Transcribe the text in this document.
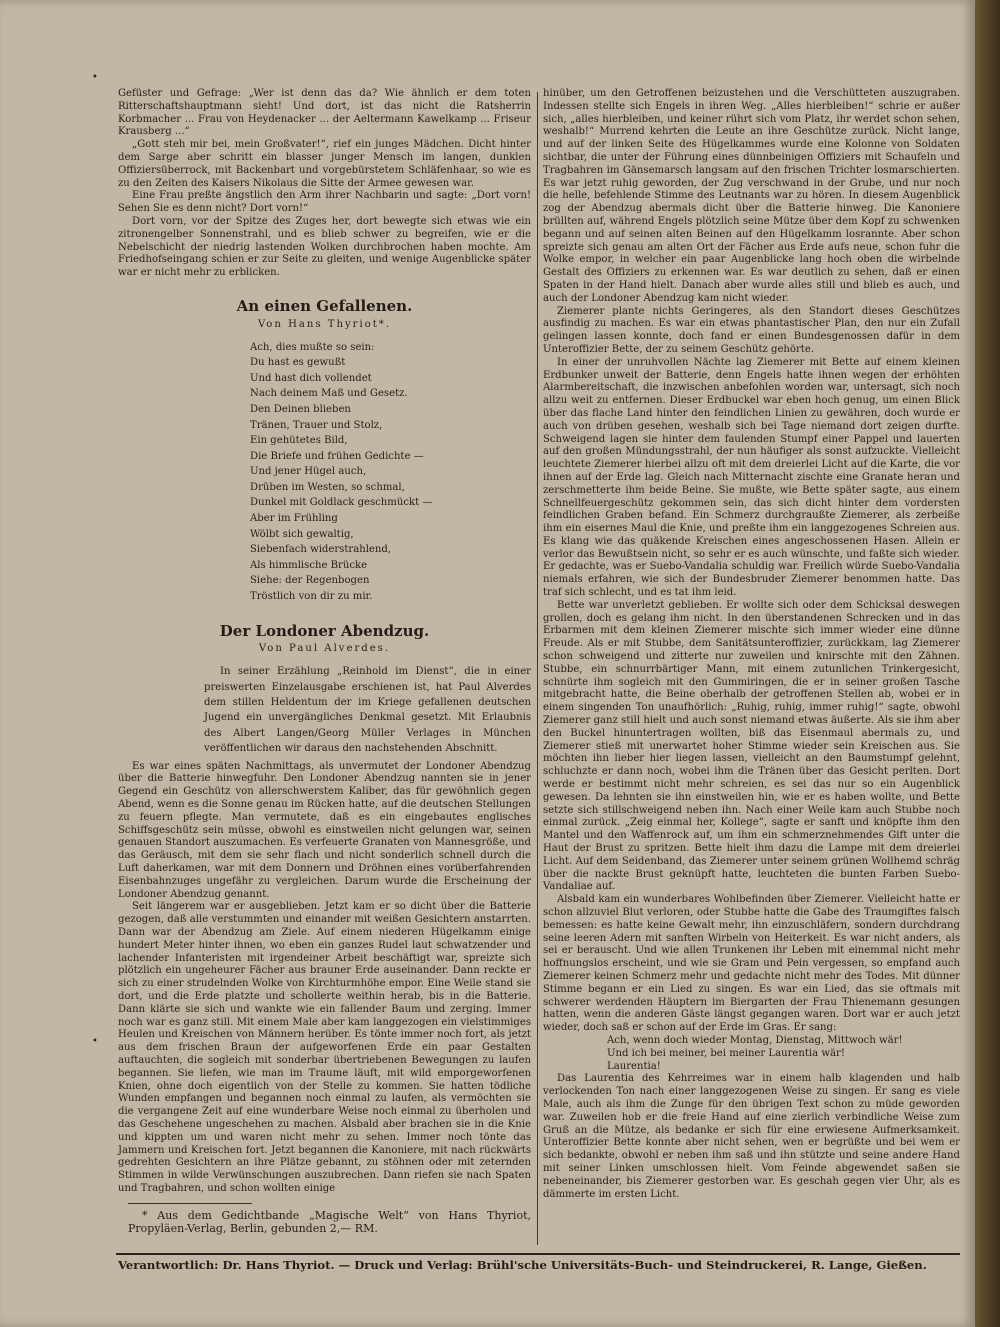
•
•

Gefüster und Gefrage: „Wer ist denn das da? Wie ähnlich er dem toten Ritterschaftshauptmann sieht! Und dort, ist das nicht die Ratsherrin Korbmacher ... Frau von Heydenacker ... der Aeltermann Kawelkamp ... Friseur Krausberg ...“

„Gott steh mir bei, mein Großvater!“, rief ein junges Mädchen. Dicht hinter dem Sarge aber schritt ein blasser junger Mensch im langen, dunklen Offiziersüberrock, mit Backenbart und vorgebürstetem Schläfenhaar, so wie es zu den Zeiten des Kaisers Nikolaus die Sitte der Armee gewesen war.

Eine Frau preßte ängstlich den Arm ihrer Nachbarin und sagte: „Dort vorn! Sehen Sie es denn nicht? Dort vorn!“

Dort vorn, vor der Spitze des Zuges her, dort bewegte sich etwas wie ein zitronengelber Sonnenstrahl, und es blieb schwer zu begreifen, wie er die Nebelschicht der niedrig lastenden Wolken durchbrochen haben mochte. Am Friedhofseingang schien er zur Seite zu gleiten, und wenige Augenblicke später war er nicht mehr zu erblicken.

An einen Gefallenen.
Von Hans Thyriot*.
Ach, dies mußte so sein:
Du hast es gewußt
Und hast dich vollendet
Nach deinem Maß und Gesetz.
Den Deinen blieben
Tränen, Trauer und Stolz,
Ein gehütetes Bild,
Die Briefe und frühen Gedichte —
Und jener Hügel auch,
Drüben im Westen, so schmal,
Dunkel mit Goldlack geschmückt —
Aber im Frühling
Wölbt sich gewaltig,
Siebenfach widerstrahlend,
Als himmlische Brücke
Siehe: der Regenbogen
Tröstlich von dir zu mir.
Der Londoner Abendzug.
Von Paul Alverdes.

In seiner Erzählung „Reinhold im Dienst“, die in einer preiswerten Einzelausgabe erschienen ist, hat Paul Alverdes dem stillen Heldentum der im Kriege gefallenen deutschen Jugend ein unvergängliches Denkmal gesetzt. Mit Erlaubnis des Albert Langen/Georg Müller Verlages in München veröffentlichen wir daraus den nachstehenden Abschnitt.

Es war eines späten Nachmittags, als unvermutet der Londoner Abendzug über die Batterie hinwegfuhr. Den Londoner Abendzug nannten sie in jener Gegend ein Geschütz von allerschwerstem Kaliber, das für gewöhnlich gegen Abend, wenn es die Sonne genau im Rücken hatte, auf die deutschen Stellungen zu feuern pflegte. Man vermutete, daß es ein eingebautes englisches Schiffsgeschütz sein müsse, obwohl es einstweilen nicht gelungen war, seinen genauen Standort auszumachen. Es verfeuerte Granaten von Mannesgröße, und das Geräusch, mit dem sie sehr flach und nicht sonderlich schnell durch die Luft daherkamen, war mit dem Donnern und Dröhnen eines vorüberfahrenden Eisenbahnzuges ungefähr zu vergleichen. Darum wurde die Erscheinung der Londoner Abendzug genannt.

Seit längerem war er ausgeblieben. Jetzt kam er so dicht über die Batterie gezogen, daß alle verstummten und einander mit weißen Gesichtern anstarrten. Dann war der Abendzug am Ziele. Auf einem niederen Hügelkamm einige hundert Meter hinter ihnen, wo eben ein ganzes Rudel laut schwatzender und lachender Infanteristen mit irgendeiner Arbeit beschäftigt war, spreizte sich plötzlich ein ungeheurer Fächer aus brauner Erde auseinander. Dann reckte er sich zu einer strudelnden Wolke von Kirchturmhöhe empor. Eine Weile stand sie dort, und die Erde platzte und schollerte weithin herab, bis in die Batterie. Dann klärte sie sich und wankte wie ein fallender Baum und zerging. Immer noch war es ganz still. Mit einem Male aber kam langgezogen ein vielstimmiges Heulen und Kreischen von Männern herüber. Es tönte immer noch fort, als jetzt aus dem frischen Braun der aufgeworfenen Erde ein paar Gestalten auftauchten, die sogleich mit sonderbar übertriebenen Bewegungen zu laufen begannen. Sie liefen, wie man im Traume läuft, mit wild emporgeworfenen Knien, ohne doch eigentlich von der Stelle zu kommen. Sie hatten tödliche Wunden empfangen und begannen noch einmal zu laufen, als vermöchten sie die vergangene Zeit auf eine wunderbare Weise noch einmal zu überholen und das Geschehene ungeschehen zu machen. Alsbald aber brachen sie in die Knie und kippten um und waren nicht mehr zu sehen. Immer noch tönte das Jammern und Kreischen fort. Jetzt begannen die Kanoniere, mit nach rückwärts gedrehten Gesichtern an ihre Plätze gebannt, zu stöhnen oder mit zeternden Stimmen in wilde Verwünschungen auszubrechen. Dann riefen sie nach Spaten und Tragbahren, und schon wollten einige

* Aus dem Gedichtbande „Magische Welt“ von Hans Thyriot, Propyläen-Verlag, Berlin, gebunden 2,— RM.

hinüber, um den Getroffenen beizustehen und die Verschütteten auszugraben. Indessen stellte sich Engels in ihren Weg. „Alles hierbleiben!“ schrie er außer sich, „alles hierbleiben, und keiner rührt sich vom Platz, ihr werdet schon sehen, weshalb!“ Murrend kehrten die Leute an ihre Geschütze zurück. Nicht lange, und auf der linken Seite des Hügelkammes wurde eine Kolonne von Soldaten sichtbar, die unter der Führung eines dünnbeinigen Offiziers mit Schaufeln und Tragbahren im Gänsemarsch langsam auf den frischen Trichter losmarschierten. Es war jetzt ruhig geworden, der Zug verschwand in der Grube, und nur noch die helle, befehlende Stimme des Leutnants war zu hören. In diesem Augenblick zog der Abendzug abermals dicht über die Batterie hinweg. Die Kanoniere brüllten auf, während Engels plötzlich seine Mütze über dem Kopf zu schwenken begann und auf seinen alten Beinen auf den Hügelkamm losrannte. Aber schon spreizte sich genau am alten Ort der Fächer aus Erde aufs neue, schon fuhr die Wolke empor, in welcher ein paar Augenblicke lang hoch oben die wirbelnde Gestalt des Offiziers zu erkennen war. Es war deutlich zu sehen, daß er einen Spaten in der Hand hielt. Danach aber wurde alles still und blieb es auch, und auch der Londoner Abendzug kam nicht wieder.

Ziemerer plante nichts Geringeres, als den Standort dieses Geschützes ausfindig zu machen. Es war ein etwas phantastischer Plan, den nur ein Zufall gelingen lassen konnte, doch fand er einen Bundesgenossen dafür in dem Unteroffizier Bette, der zu seinem Geschütz gehörte.

In einer der unruhvollen Nächte lag Ziemerer mit Bette auf einem kleinen Erdbunker unweit der Batterie, denn Engels hatte ihnen wegen der erhöhten Alarmbereitschaft, die inzwischen anbefohlen worden war, untersagt, sich noch allzu weit zu entfernen. Dieser Erdbuckel war eben hoch genug, um einen Blick über das flache Land hinter den feindlichen Linien zu gewähren, doch wurde er auch von drüben gesehen, weshalb sich bei Tage niemand dort zeigen durfte. Schweigend lagen sie hinter dem faulenden Stumpf einer Pappel und lauerten auf den großen Mündungsstrahl, der nun häufiger als sonst aufzuckte. Vielleicht leuchtete Ziemerer hierbei allzu oft mit dem dreierlei Licht auf die Karte, die vor ihnen auf der Erde lag. Gleich nach Mitternacht zischte eine Granate heran und zerschmetterte ihm beide Beine. Sie mußte, wie Bette später sagte, aus einem Schnellfeuergeschütz gekommen sein, das sich dicht hinter dem vordersten feindlichen Graben befand. Ein Schmerz durchgraußte Ziemerer, als zerbeiße ihm ein eisernes Maul die Knie, und preßte ihm ein langgezogenes Schreien aus. Es klang wie das quäkende Kreischen eines angeschossenen Hasen. Allein er verlor das Bewußtsein nicht, so sehr er es auch wünschte, und faßte sich wieder. Er gedachte, was er Suebo-Vandalia schuldig war. Freilich würde Suebo-Vandalia niemals erfahren, wie sich der Bundesbruder Ziemerer benommen hatte. Das traf sich schlecht, und es tat ihm leid.

Bette war unverletzt geblieben. Er wollte sich oder dem Schicksal deswegen grollen, doch es gelang ihm nicht. In den überstandenen Schrecken und in das Erbarmen mit dem kleinen Ziemerer mischte sich immer wieder eine dünne Freude. Als er mit Stubbe, dem Sanitätsunteroffizier, zurückkam, lag Ziemerer schon schweigend und zitterte nur zuweilen und knirschte mit den Zähnen. Stubbe, ein schnurrbärtiger Mann, mit einem zutunlichen Trinkergesicht, schnürte ihm sogleich mit den Gummiringen, die er in seiner großen Tasche mitgebracht hatte, die Beine oberhalb der getroffenen Stellen ab, wobei er in einem singenden Ton unaufhörlich: „Ruhig, ruhig, immer ruhig!“ sagte, obwohl Ziemerer ganz still hielt und auch sonst niemand etwas äußerte. Als sie ihm aber den Buckel hinuntertragen wollten, biß das Eisenmaul abermals zu, und Ziemerer stieß mit unerwartet hoher Stimme wieder sein Kreischen aus. Sie möchten ihn lieber hier liegen lassen, vielleicht an den Baumstumpf gelehnt, schluchzte er dann noch, wobei ihm die Tränen über das Gesicht perlten. Dort werde er bestimmt nicht mehr schreien, es sei das nur so ein Augenblick gewesen. Da lehnten sie ihn einstweilen hin, wie er es haben wollte, und Bette setzte sich stillschweigend neben ihn. Nach einer Weile kam auch Stubbe noch einmal zurück. „Zeig einmal her, Kollege“, sagte er sanft und knöpfte ihm den Mantel und den Waffenrock auf, um ihm ein schmerznehmendes Gift unter die Haut der Brust zu spritzen. Bette hielt ihm dazu die Lampe mit dem dreierlei Licht. Auf dem Seidenband, das Ziemerer unter seinem grünen Wollhemd schräg über die nackte Brust geknüpft hatte, leuchteten die bunten Farben Suebo-Vandaliae auf.

Alsbald kam ein wunderbares Wohlbefinden über Ziemerer. Vielleicht hatte er schon allzuviel Blut verloren, oder Stubbe hatte die Gabe des Traumgiftes falsch bemessen: es hatte keine Gewalt mehr, ihn einzuschläfern, sondern durchdrang seine leeren Adern mit sanften Wirbeln von Heiterkeit. Es war nicht anders, als sei er berauscht. Und wie allen Trunkenen ihr Leben mit einemmal nicht mehr hoffnungslos erscheint, und wie sie Gram und Pein vergessen, so empfand auch Ziemerer keinen Schmerz mehr und gedachte nicht mehr des Todes. Mit dünner Stimme begann er ein Lied zu singen. Es war ein Lied, das sie oftmals mit schwerer werdenden Häuptern im Biergarten der Frau Thienemann gesungen hatten, wenn die anderen Gäste längst gegangen waren. Dort war er auch jetzt wieder, doch saß er schon auf der Erde im Gras. Er sang:

Ach, wenn doch wieder Montag, Dienstag, Mittwoch wär!
Und ich bei meiner, bei meiner Laurentia wär!
Laurentia!

Das Laurentia des Kehrreimes war in einem halb klagenden und halb verlockenden Ton nach einer langgezogenen Weise zu singen. Er sang es viele Male, auch als ihm die Zunge für den übrigen Text schon zu müde geworden war. Zuweilen hob er die freie Hand auf eine zierlich verbindliche Weise zum Gruß an die Mütze, als bedanke er sich für eine erwiesene Aufmerksamkeit. Unteroffizier Bette konnte aber nicht sehen, wen er begrüßte und bei wem er sich bedankte, obwohl er neben ihm saß und ihn stützte und seine andere Hand mit seiner Linken umschlossen hielt. Vom Feinde abgewendet saßen sie nebeneinander, bis Ziemerer gestorben war. Es geschah gegen vier Uhr, als es dämmerte im ersten Licht.

Verantwortlich: Dr. Hans Thyriot. — Druck und Verlag: Brühl'sche Universitäts-Buch- und Steindruckerei, R. Lange, Gießen.
